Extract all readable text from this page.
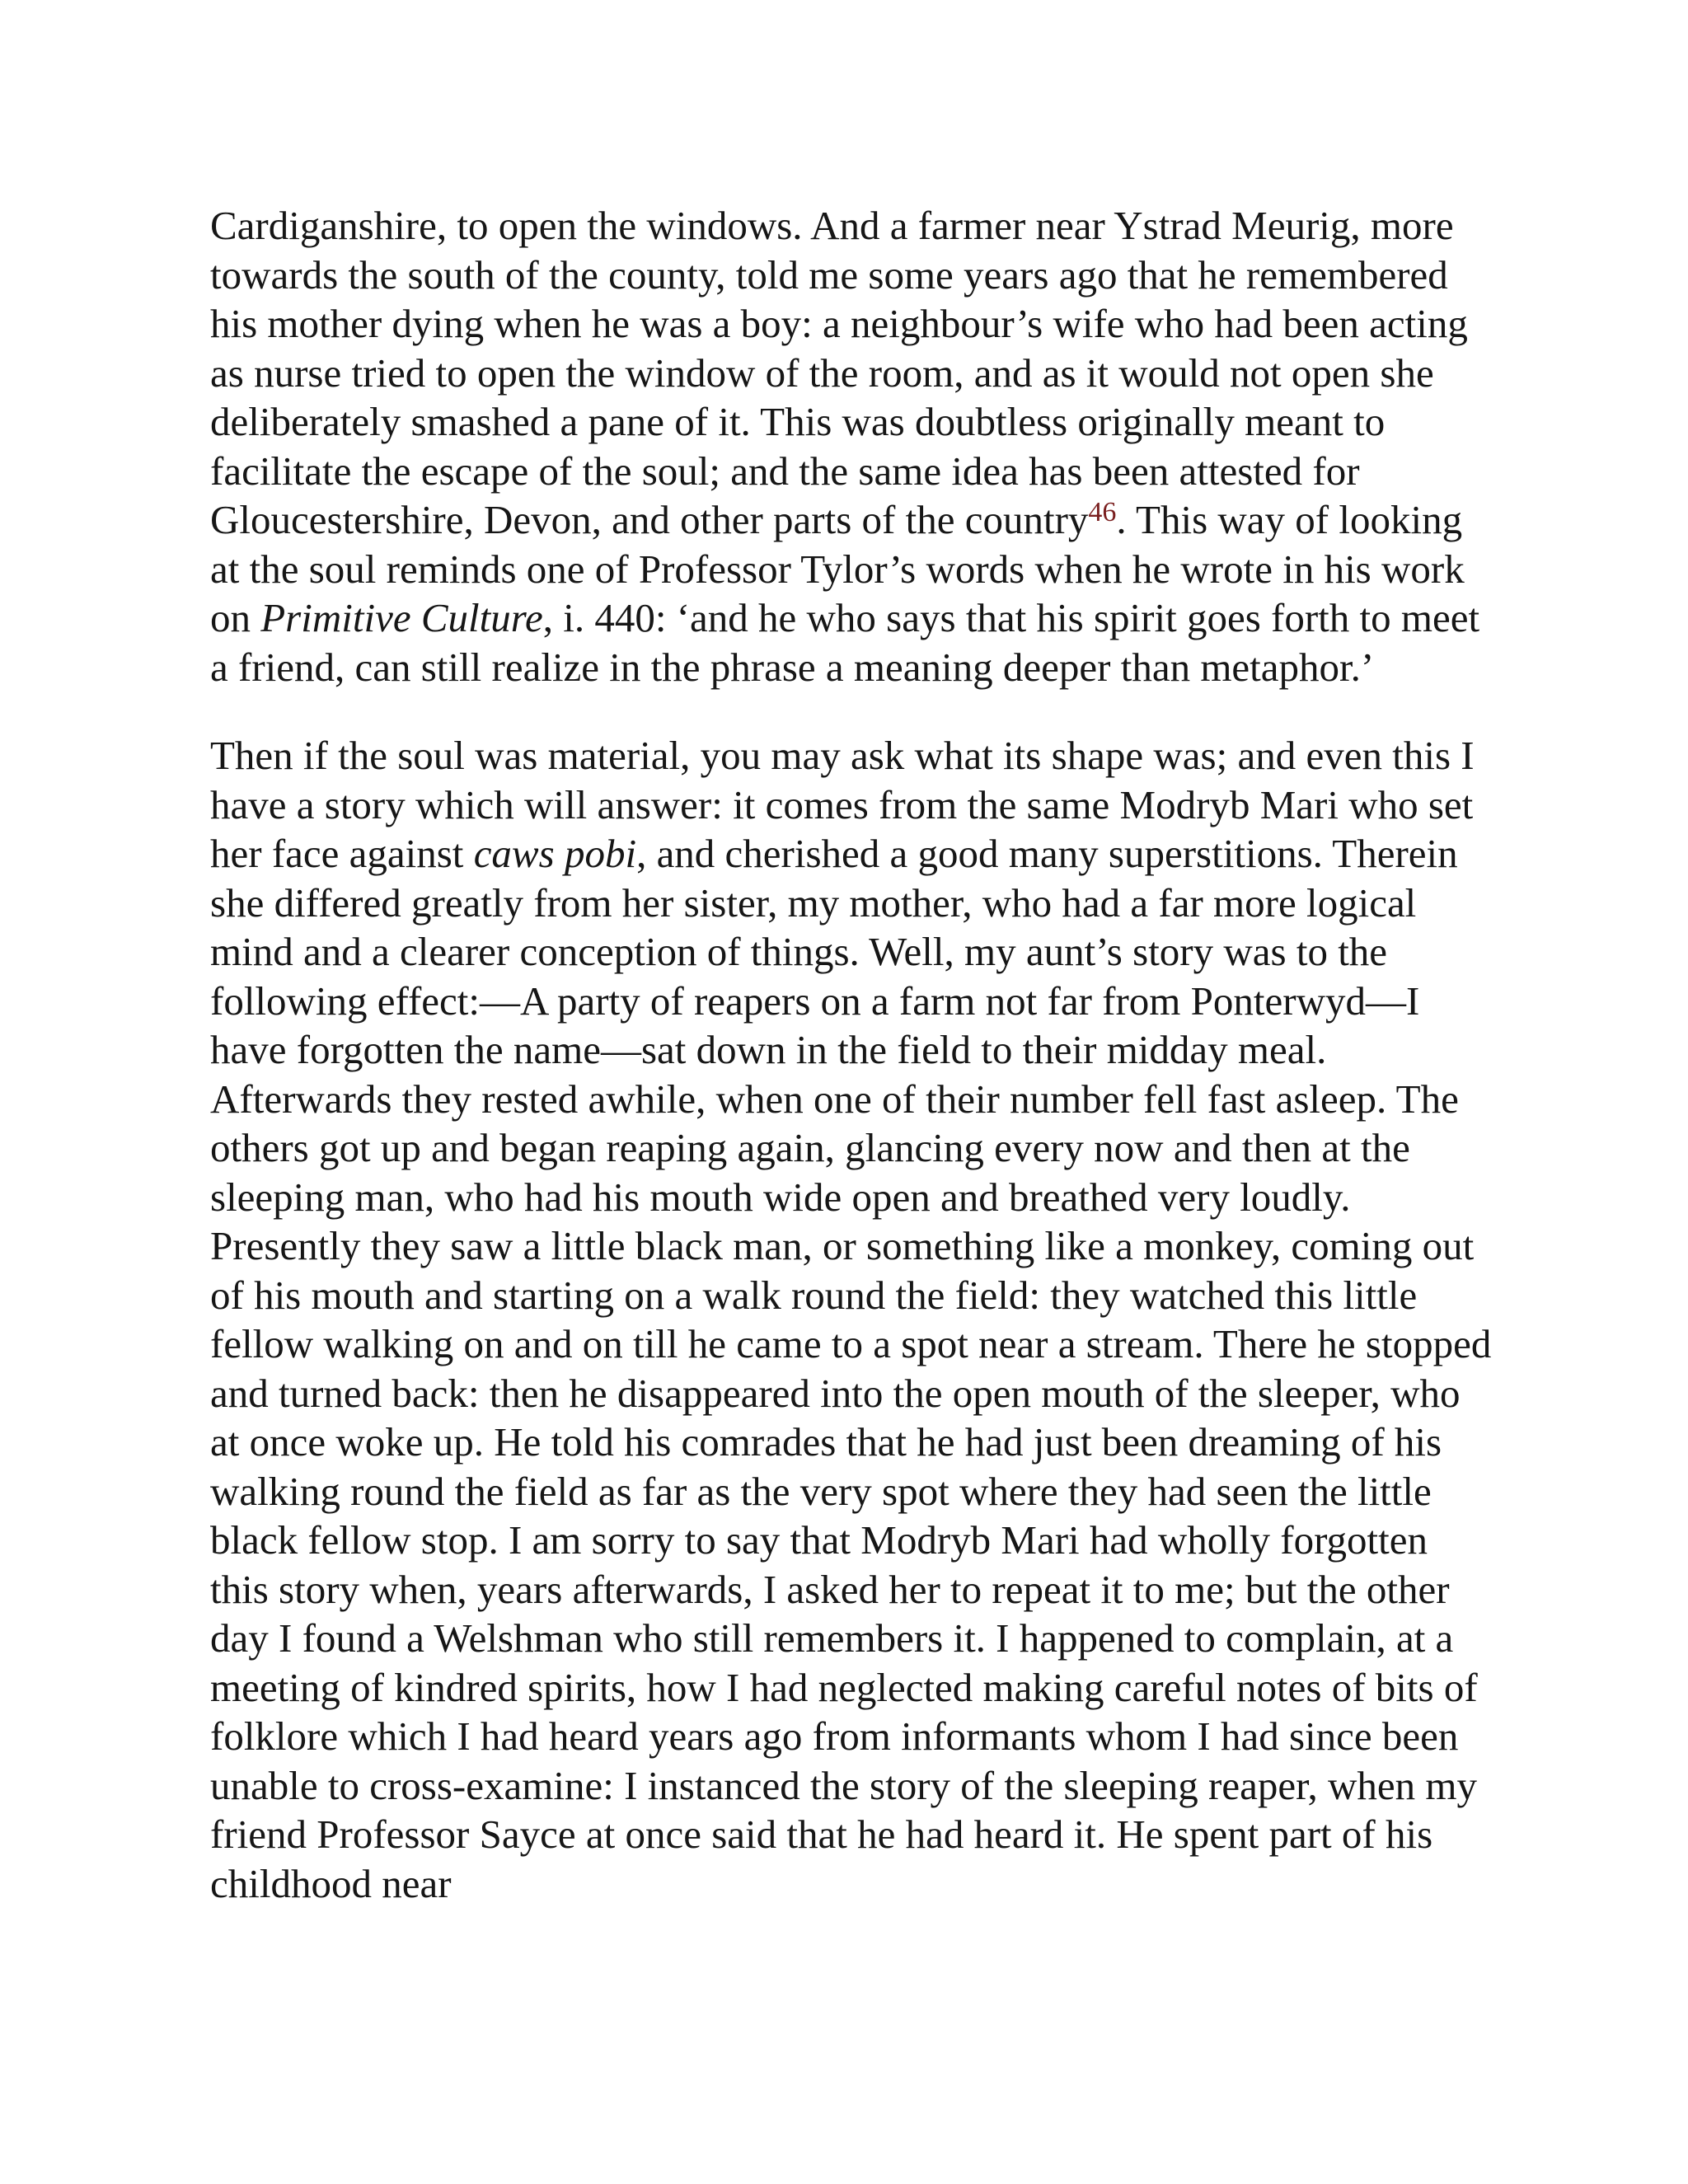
Cardiganshire, to open the windows. And a farmer near Ystrad Meurig, more towards the south of the county, told me some years ago that he remembered his mother dying when he was a boy: a neighbour’s wife who had been acting as nurse tried to open the window of the room, and as it would not open she deliberately smashed a pane of it. This was doubtless originally meant to facilitate the escape of the soul; and the same idea has been attested for Gloucestershire, Devon, and other parts of the country$^{46}$. This way of looking at the soul reminds one of Professor Tylor’s words when he wrote in his work on Primitive Culture, i. 440: ‘and he who says that his spirit goes forth to meet a friend, can still realize in the phrase a meaning deeper than metaphor.’

Then if the soul was material, you may ask what its shape was; and even this I have a story which will answer: it comes from the same Modryb Mari who set her face against caws pobi, and cherished a good many superstitions. Therein she differed greatly from her sister, my mother, who had a far more logical mind and a clearer conception of things. Well, my aunt’s story was to the following effect:—A party of reapers on a farm not far from Ponterwyd—I have forgotten the name—sat down in the field to their midday meal. Afterwards they rested awhile, when one of their number fell fast asleep. The others got up and began reaping again, glancing every now and then at the sleeping man, who had his mouth wide open and breathed very loudly. Presently they saw a little black man, or something like a monkey, coming out of his mouth and starting on a walk round the field: they watched this little fellow walking on and on till he came to a spot near a stream. There he stopped and turned back: then he disappeared into the open mouth of the sleeper, who at once woke up. He told his comrades that he had just been dreaming of his walking round the field as far as the very spot where they had seen the little black fellow stop. I am sorry to say that Modryb Mari had wholly forgotten this story when, years afterwards, I asked her to repeat it to me; but the other day I found a Welshman who still remembers it. I happened to complain, at a meeting of kindred spirits, how I had neglected making careful notes of bits of folklore which I had heard years ago from informants whom I had since been unable to cross-examine: I instanced the story of the sleeping reaper, when my friend Professor Sayce at once said that he had heard it. He spent part of his childhood near
